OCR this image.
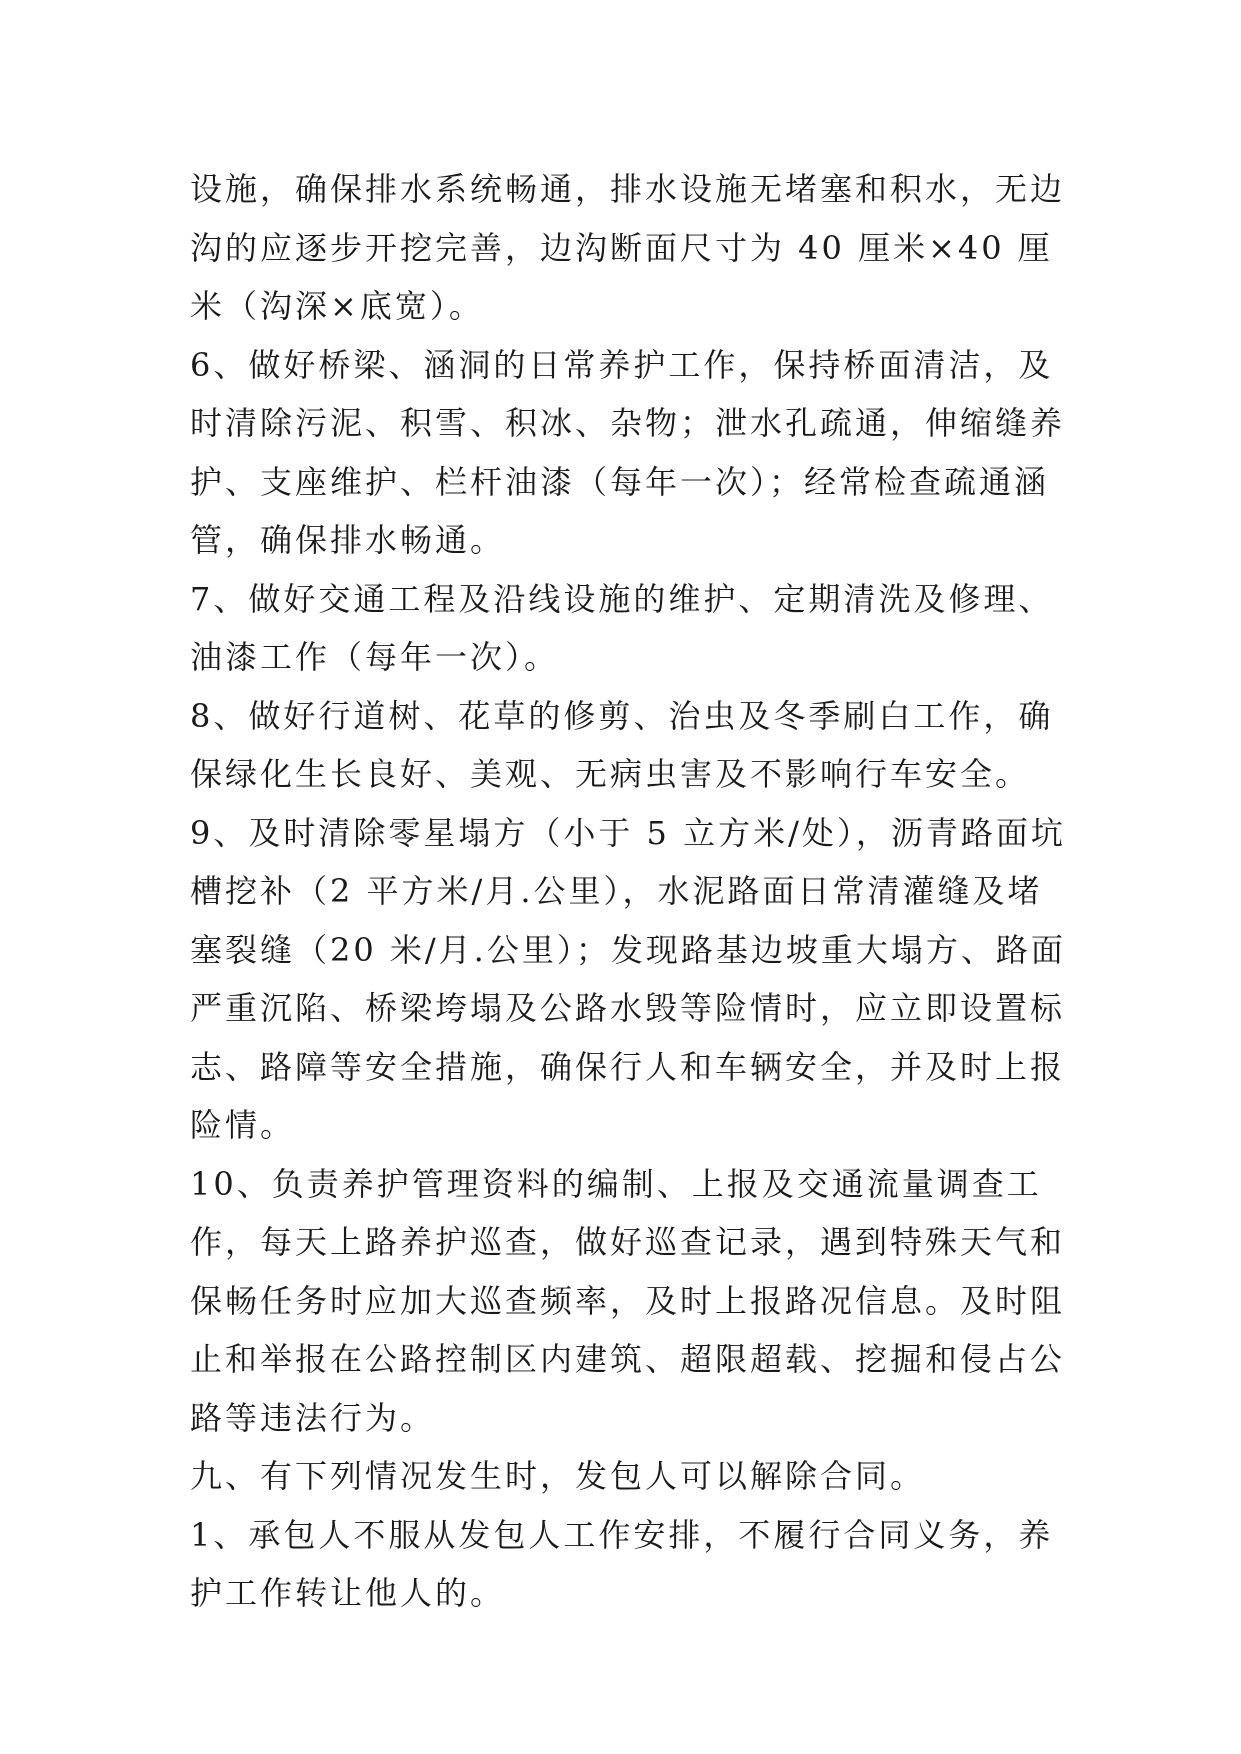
设施，确保排水系统畅通，排水设施无堵塞和积水，无边沟的应逐步开挖完善，边沟断面尺寸为 40 厘米×40 厘米（沟深×底宽）。

6、做好桥梁、涵洞的日常养护工作，保持桥面清洁，及时清除污泥、积雪、积冰、杂物；泄水孔疏通，伸缩缝养护、支座维护、栏杆油漆（每年一次）；经常检查疏通涵管，确保排水畅通。

7、做好交通工程及沿线设施的维护、定期清洗及修理、油漆工作（每年一次）。

8、做好行道树、花草的修剪、治虫及冬季刷白工作，确保绿化生长良好、美观、无病虫害及不影响行车安全。

9、及时清除零星塌方（小于 5 立方米/处），沥青路面坑槽挖补（2 平方米/月.公里），水泥路面日常清灌缝及堵塞裂缝（20 米/月.公里）；发现路基边坡重大塌方、路面严重沉陷、桥梁垮塌及公路水毁等险情时，应立即设置标志、路障等安全措施，确保行人和车辆安全，并及时上报险情。

10、负责养护管理资料的编制、上报及交通流量调查工作，每天上路养护巡查，做好巡查记录，遇到特殊天气和保畅任务时应加大巡查频率，及时上报路况信息。及时阻止和举报在公路控制区内建筑、超限超载、挖掘和侵占公路等违法行为。

九、有下列情况发生时，发包人可以解除合同。

1、承包人不服从发包人工作安排，不履行合同义务，养护工作转让他人的。
